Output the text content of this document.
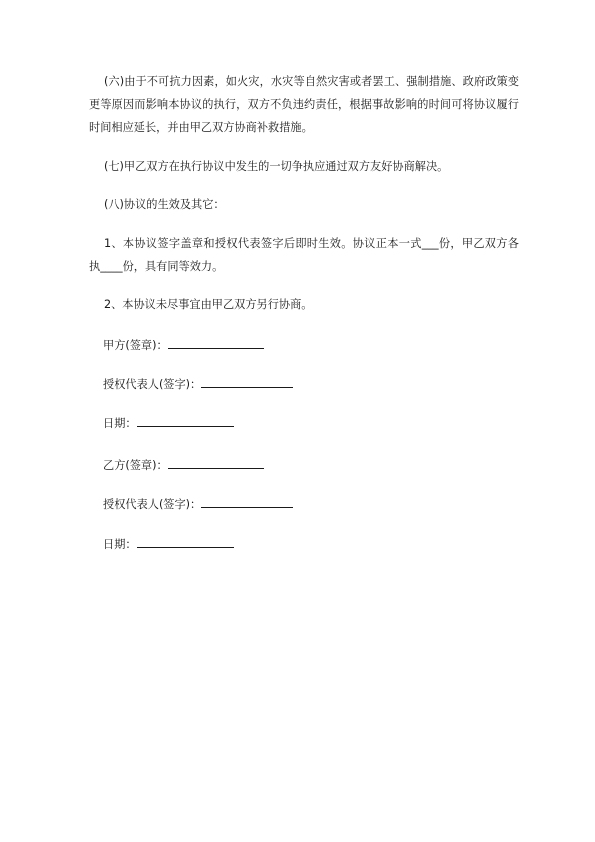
(六)由于不可抗力因素，如火灾，水灾等自然灾害或者罢工、强制措施、政府政策变更等原因而影响本协议的执行，双方不负违约责任，根据事故影响的时间可将协议履行时间相应延长，并由甲乙双方协商补救措施。

(七)甲乙双方在执行协议中发生的一切争执应通过双方友好协商解决。

(八)协议的生效及其它：

1、本协议签字盖章和授权代表签字后即时生效。协议正本一式___份，甲乙双方各执____份，具有同等效力。

2、本协议未尽事宜由甲乙双方另行协商。

甲方(签章)：
授权代表人(签字)：
日期：
乙方(签章)：
授权代表人(签字)：
日期：
